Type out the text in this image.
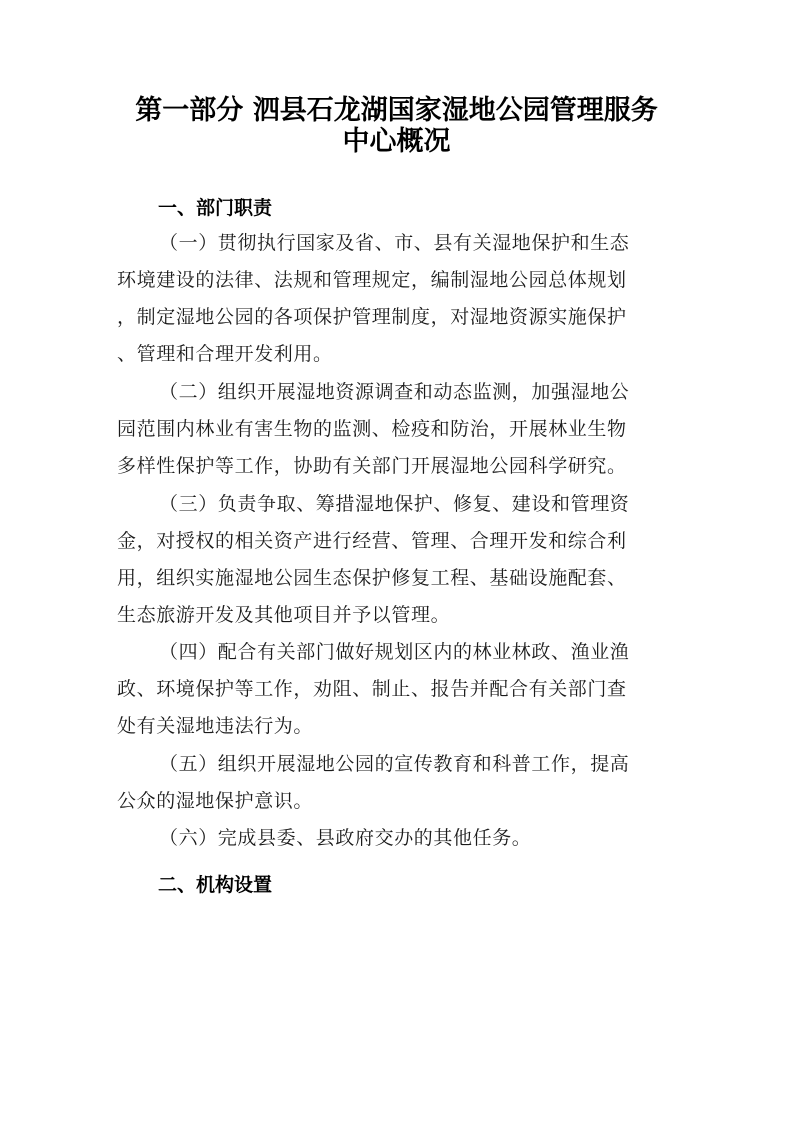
第一部分 泗县石龙湖国家湿地公园管理服务
中心概况
一、部门职责

（一）贯彻执行国家及省、市、县有关湿地保护和生态
环境建设的法律、法规和管理规定，编制湿地公园总体规划
，制定湿地公园的各项保护管理制度，对湿地资源实施保护
、管理和合理开发利用。

（二）组织开展湿地资源调查和动态监测，加强湿地公
园范围内林业有害生物的监测、检疫和防治，开展林业生物
多样性保护等工作，协助有关部门开展湿地公园科学研究。

（三）负责争取、筹措湿地保护、修复、建设和管理资
金，对授权的相关资产进行经营、管理、合理开发和综合利
用，组织实施湿地公园生态保护修复工程、基础设施配套、
生态旅游开发及其他项目并予以管理。

（四）配合有关部门做好规划区内的林业林政、渔业渔
政、环境保护等工作，劝阻、制止、报告并配合有关部门查
处有关湿地违法行为。

（五）组织开展湿地公园的宣传教育和科普工作，提高
公众的湿地保护意识。

（六）完成县委、县政府交办的其他任务。

二、机构设置
